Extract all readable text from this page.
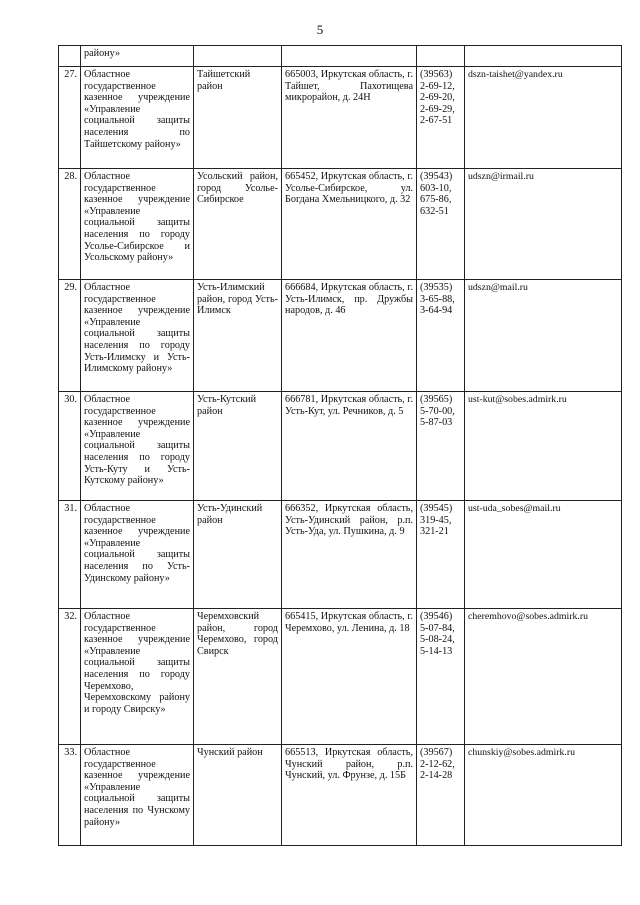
5
	району»				
27.	Областное государственное казенное учреждение «Управление социальной защиты населения по Тайшетскому району»	Тайшетский район	665003, Иркутская область, г. Тайшет, Пахотищева микрорайон, д. 24Н	(39563)
2-69-12,
2-69-20,
2-69-29,
2-67-51	dszn-taishet@yandex.ru
28.	Областное государственное казенное учреждение «Управление социальной защиты населения по городу Усолье-Сибирское и Усольскому району»	Усольский район, город Усолье-Сибирское	665452, Иркутская область, г. Усолье-Сибирское, ул. Богдана Хмельницкого, д. 32	(39543)
603-10,
675-86,
632-51	udszn@irmail.ru
29.	Областное государственное казенное учреждение «Управление социальной защиты населения по городу Усть-Илимску и Усть-Илимскому району»	Усть-Илимский район, город Усть-Илимск	666684, Иркутская область, г. Усть-Илимск, пр. Дружбы народов, д. 46	(39535)
3-65-88,
3-64-94	udszn@mail.ru
30.	Областное государственное казенное учреждение «Управление социальной защиты населения по городу Усть-Куту и Усть-Кутскому району»	Усть-Кутский район	666781, Иркутская область, г. Усть-Кут, ул. Речников, д. 5	(39565)
5-70-00,
5-87-03	ust-kut@sobes.admirk.ru
31.	Областное государственное казенное учреждение «Управление социальной защиты населения по Усть-Удинскому району»	Усть-Удинский район	666352, Иркутская область, Усть-Удинский район, р.п. Усть-Уда, ул. Пушкина, д. 9	(39545)
319-45,
321-21	ust-uda_sobes@mail.ru
32.	Областное государственное казенное учреждение «Управление социальной защиты населения по городу Черемхово, Черемховскому району и городу Свирску»	Черемховский район, город Черемхово, город Свирск	665415, Иркутская область, г. Черемхово, ул. Ленина, д. 18	(39546)
5-07-84,
5-08-24,
5-14-13	cheremhovo@sobes.admirk.ru
33.	Областное государственное казенное учреждение «Управление социальной защиты населения по Чунскому району»	Чунский район	665513, Иркутская область, Чунский район, р.п. Чунский, ул. Фрунзе, д. 15Б	(39567)
2-12-62,
2-14-28	chunskiy@sobes.admirk.ru
